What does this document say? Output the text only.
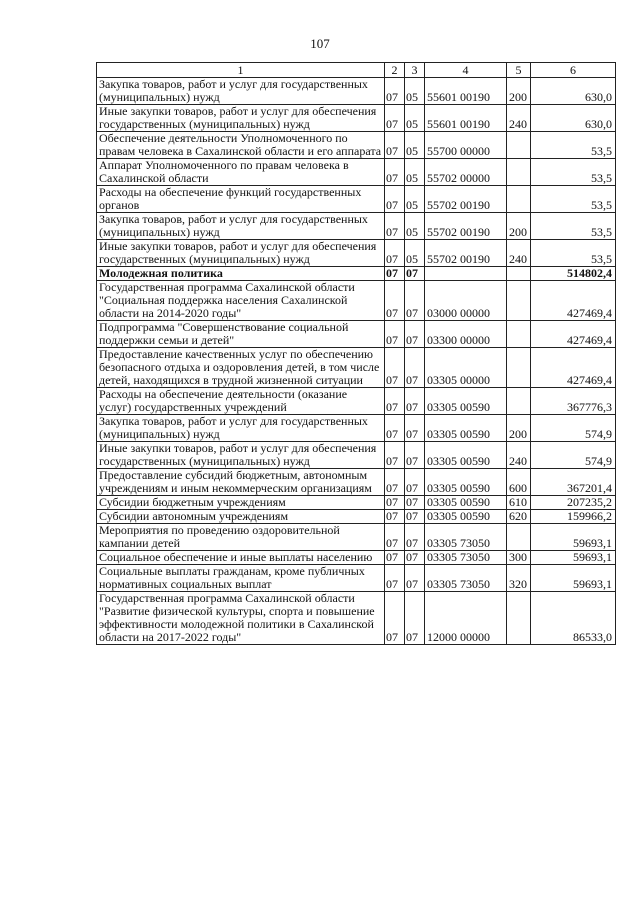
107
1	2	3	4	5	6
Закупка товаров, работ и услуг для государственных (муниципальных) нужд	07	05	55601 00190	200	630,0
Иные закупки товаров, работ и услуг для обеспечения государственных (муниципальных) нужд	07	05	55601 00190	240	630,0
Обеспечение деятельности Уполномоченного по правам человека в Сахалинской области и его аппарата	07	05	55700 00000		53,5
Аппарат Уполномоченного по правам человека в Сахалинской области	07	05	55702 00000		53,5
Расходы на обеспечение функций государственных органов	07	05	55702 00190		53,5
Закупка товаров, работ и услуг для государственных (муниципальных) нужд	07	05	55702 00190	200	53,5
Иные закупки товаров, работ и услуг для обеспечения государственных (муниципальных) нужд	07	05	55702 00190	240	53,5
Молодежная политика	07	07			514802,4
Государственная программа Сахалинской области "Социальная поддержка населения Сахалинской области на 2014-2020 годы"	07	07	03000 00000		427469,4
Подпрограмма "Совершенствование социальной поддержки семьи и детей"	07	07	03300 00000		427469,4
Предоставление качественных услуг по обеспечению безопасного отдыха и оздоровления детей, в том числе детей, находящихся в трудной жизненной ситуации	07	07	03305 00000		427469,4
Расходы на обеспечение деятельности (оказание услуг) государственных учреждений	07	07	03305 00590		367776,3
Закупка товаров, работ и услуг для государственных (муниципальных) нужд	07	07	03305 00590	200	574,9
Иные закупки товаров, работ и услуг для обеспечения государственных (муниципальных) нужд	07	07	03305 00590	240	574,9
Предоставление субсидий бюджетным, автономным учреждениям и иным некоммерческим организациям	07	07	03305 00590	600	367201,4
Субсидии бюджетным учреждениям	07	07	03305 00590	610	207235,2
Субсидии автономным учреждениям	07	07	03305 00590	620	159966,2
Мероприятия по проведению оздоровительной кампании детей	07	07	03305 73050		59693,1
Социальное обеспечение и иные выплаты населению	07	07	03305 73050	300	59693,1
Социальные выплаты гражданам, кроме публичных нормативных социальных выплат	07	07	03305 73050	320	59693,1
Государственная программа Сахалинской области "Развитие физической культуры, спорта и повышение эффективности молодежной политики в Сахалинской области на 2017-2022 годы"	07	07	12000 00000		86533,0
